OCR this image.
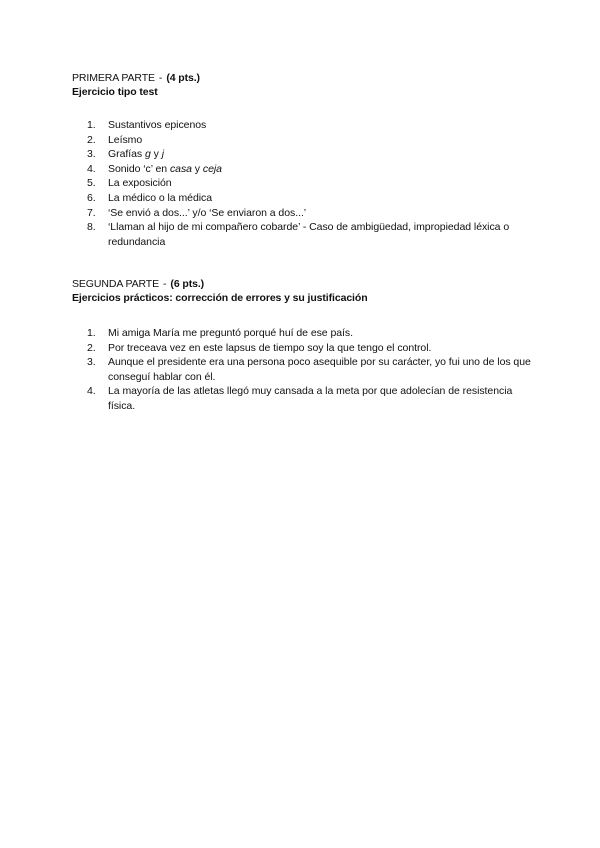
PRIMERA PARTE - (4 pts.)
Ejercicio tipo test
1.	Sustantivos epicenos
2.	Leísmo
3.	Grafías g y j
4.	Sonido ‘c’ en casa y ceja
5.	La exposición
6.	La médico o la médica
7.	‘Se envió a dos...’ y/o ‘Se enviaron a dos...’
8.	‘Llaman al hijo de mi compañero cobarde’ - Caso de ambigüedad, impropiedad léxica o redundancia
SEGUNDA PARTE - (6 pts.)
Ejercicios prácticos: corrección de errores y su justificación
1.	Mi amiga María me preguntó porqué huí de ese país.
2.	Por treceava vez en este lapsus de tiempo soy la que tengo el control.
3.	Aunque el presidente era una persona poco asequible por su carácter, yo fui uno de los que conseguí hablar con él.
4.	La mayoría de las atletas llegó muy cansada a la meta por que adolecían de resistencia física.
